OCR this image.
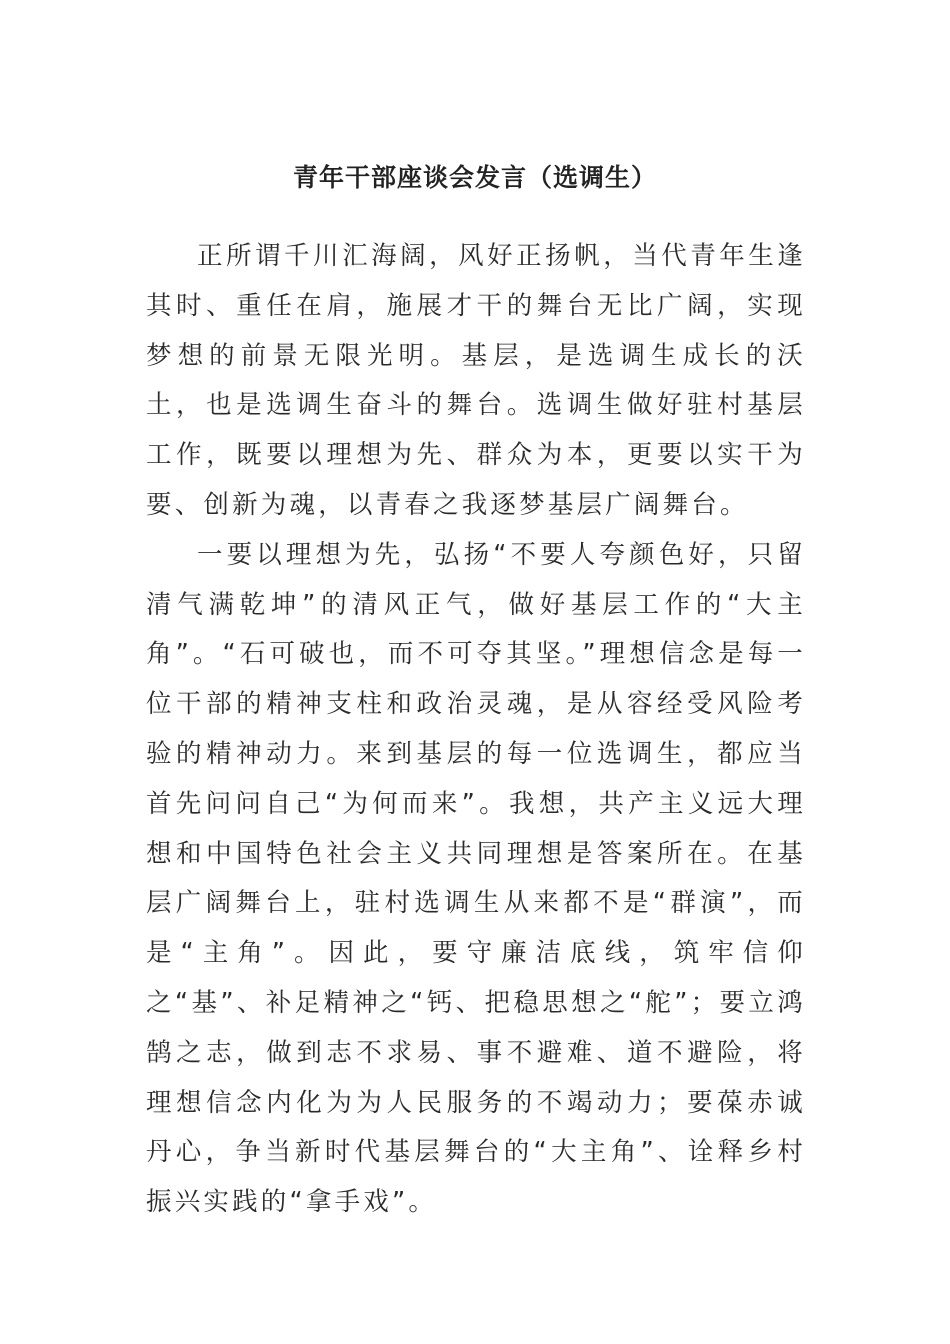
青年干部座谈会发言（选调生）

正所谓千川汇海阔，风好正扬帆，当代青年生逢其时、重任在肩，施展才干的舞台无比广阔，实现梦想的前景无限光明。基层，是选调生成长的沃土，也是选调生奋斗的舞台。选调生做好驻村基层工作，既要以理想为先、群众为本，更要以实干为要、创新为魂，以青春之我逐梦基层广阔舞台。

一要以理想为先，弘扬“不要人夸颜色好，只留清气满乾坤”的清风正气，做好基层工作的“大主角”。“石可破也，而不可夺其坚。”理想信念是每一位干部的精神支柱和政治灵魂，是从容经受风险考验的精神动力。来到基层的每一位选调生，都应当首先问问自己“为何而来”。我想，共产主义远大理想和中国特色社会主义共同理想是答案所在。在基层广阔舞台上，驻村选调生从来都不是“群演”，而是“主角”。因此，要守廉洁底线，筑牢信仰之“基”、补足精神之“钙、把稳思想之“舵”；要立鸿鹄之志，做到志不求易、事不避难、道不避险，将理想信念内化为为人民服务的不竭动力；要葆赤诚丹心，争当新时代基层舞台的“大主角”、诠释乡村振兴实践的“拿手戏”。
